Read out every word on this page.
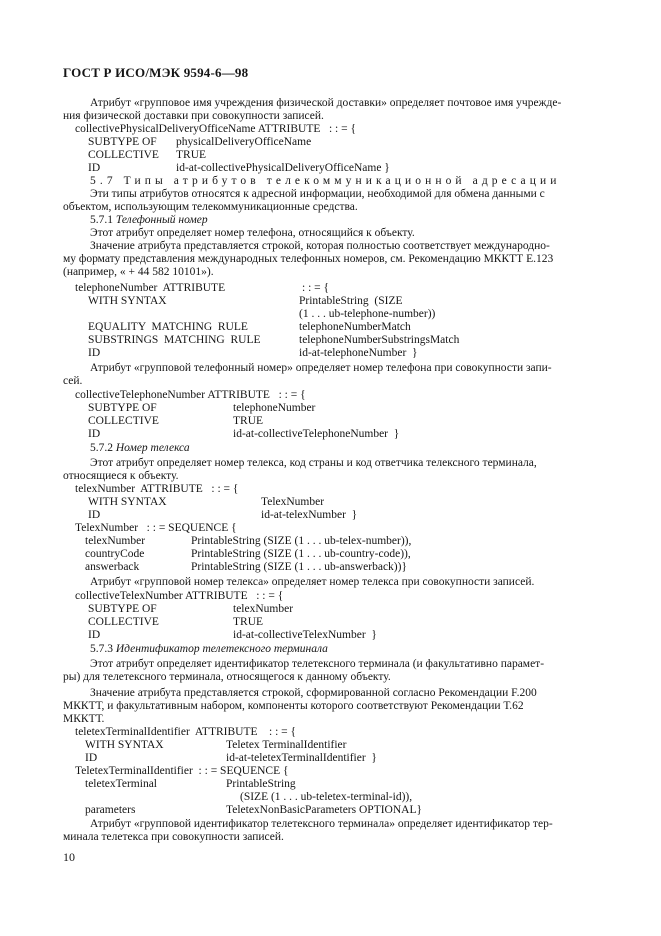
ГОСТ Р ИСО/МЭК 9594-6—98
Атрибут «групповое имя учреждения физической доставки» определяет почтовое имя учрежде-
ния физической доставки при совокупности записей.
collectivePhysicalDeliveryOfficeName ATTRIBUTE   : : = {
SUBTYPE OF physicalDeliveryOfficeName
COLLECTIVE TRUE
ID	id-at-collectivePhysicalDeliveryOfficeName }
5.7 Типы атрибутов телекоммуникационной адресации
Эти типы атрибутов относятся к адресной информации, необходимой для обмена данными с
объектом, использующим телекоммуникационные средства.
5.7.1 Телефонный номер
Этот атрибут определяет номер телефона, относящийся к объекту.
Значение атрибута представляется строкой, которая полностью соответствует международно-
му формату представления международных телефонных номеров, см. Рекомендацию МККТТ Е.123
(например, « + 44 582 10101»).
telephoneNumber  ATTRIBUTE	: : = {
WITH SYNTAX	PrintableString  (SIZE
(1 . . . ub-telephone-number))
EQUALITY  MATCHING  RULE	telephoneNumberMatch
SUBSTRINGS  MATCHING  RULE	telephoneNumberSubstringsMatch
ID	id-at-telephoneNumber  }
Атрибут «групповой телефонный номер» определяет номер телефона при совокупности запи-
сей.
collectiveTelephoneNumber ATTRIBUTE   : : = {
SUBTYPE OF	telephoneNumber
COLLECTIVE	TRUE
ID	id-at-collectiveTelephoneNumber  }
5.7.2 Номер телекса
Этот атрибут определяет номер телекса, код страны и код ответчика телексного терминала,
относящиеся к объекту.
telexNumber  ATTRIBUTE   : : = {
WITH SYNTAX	TelexNumber
ID	id-at-telexNumber  }
TelexNumber   : : = SEQUENCE {
telexNumber	PrintableString (SIZE (1 . . . ub-telex-number)),
countryCode	PrintableString (SIZE (1 . . . ub-country-code)),
answerback	PrintableString (SIZE (1 . . . ub-answerback))}
Атрибут «групповой номер телекса» определяет номер телекса при совокупности записей.
collectiveTelexNumber ATTRIBUTE   : : = {
SUBTYPE OF	telexNumber
COLLECTIVE	TRUE
ID	id-at-collectiveTelexNumber  }
5.7.3 Идентификатор телетексного терминала
Этот атрибут определяет идентификатор телетексного терминала (и факультативно парамет-
ры) для телетексного терминала, относящегося к данному объекту.
Значение атрибута представляется строкой, сформированной согласно Рекомендации F.200
МККТТ, и факультативным набором, компоненты которого соответствуют Рекомендации Т.62
МККТТ.
teletexTerminalIdentifier  ATTRIBUTE    : : = {
WITH SYNTAX	Teletex TerminalIdentifier
ID	id-at-teletexTerminalIdentifier  }
TeletexTerminalIdentifier  : : = SEQUENCE {
teletexTerminal	PrintableString
(SIZE (1 . . . ub-teletex-terminal-id)),
parameters	TeletexNonBasicParameters OPTIONAL}
Атрибут «групповой идентификатор телетексного терминала» определяет идентификатор тер-
минала телетекса при совокупности записей.
10
